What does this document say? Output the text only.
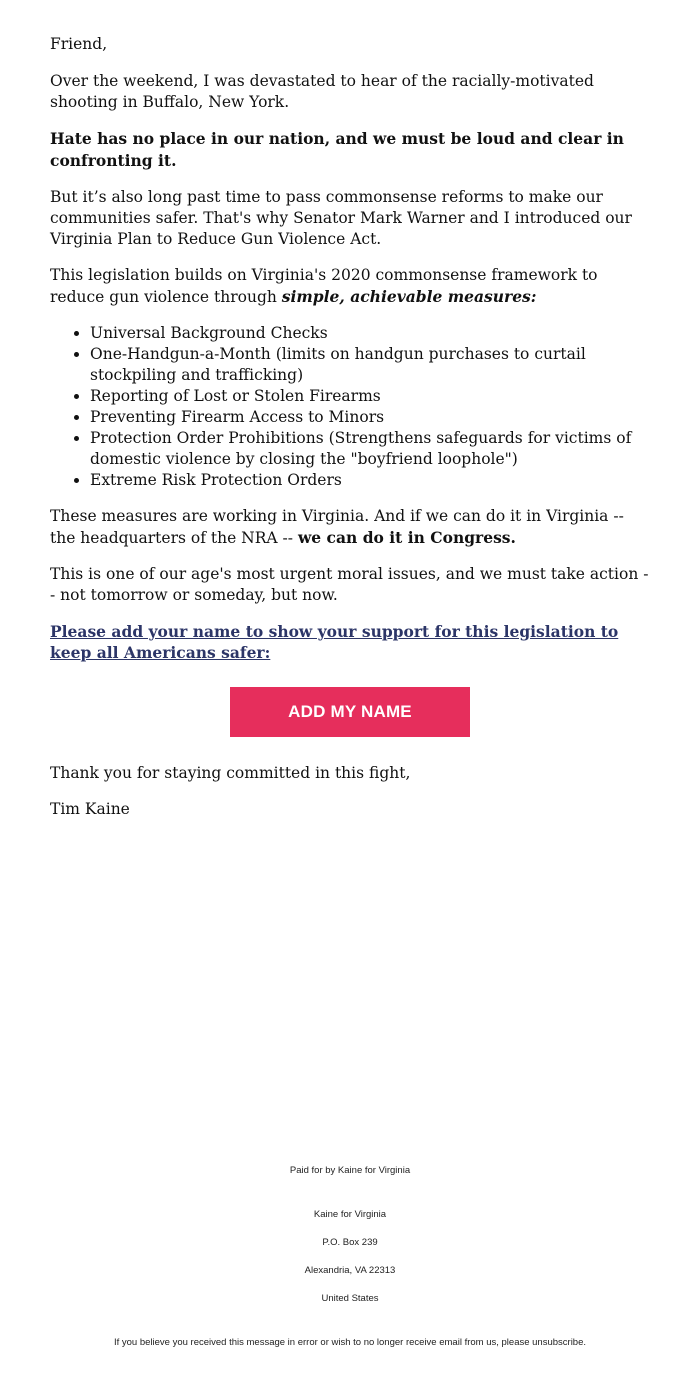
Friend,

Over the weekend, I was devastated to hear of the racially-motivated shooting in Buffalo, New York.

Hate has no place in our nation, and we must be loud and clear in confronting it.

But it’s also long past time to pass commonsense reforms to make our communities safer. That's why Senator Mark Warner and I introduced our Virginia Plan to Reduce Gun Violence Act.

This legislation builds on Virginia's 2020 commonsense framework to reduce gun violence through simple, achievable measures:

• Universal Background Checks
• One-Handgun-a-Month (limits on handgun purchases to curtail stockpiling and trafficking)
• Reporting of Lost or Stolen Firearms
• Preventing Firearm Access to Minors
• Protection Order Prohibitions (Strengthens safeguards for victims of domestic violence by closing the "boyfriend loophole")
• Extreme Risk Protection Orders

These measures are working in Virginia. And if we can do it in Virginia -- the headquarters of the NRA -- we can do it in Congress.

This is one of our age's most urgent moral issues, and we must take action -- not tomorrow or someday, but now.

Please add your name to show your support for this legislation to keep all Americans safer:
ADD MY NAME

Thank you for staying committed in this fight,

Tim Kaine

Paid for by Kaine for Virginia
Kaine for Virginia
P.O. Box 239
Alexandria, VA 22313
United States
If you believe you received this message in error or wish to no longer receive email from us, please unsubscribe.
